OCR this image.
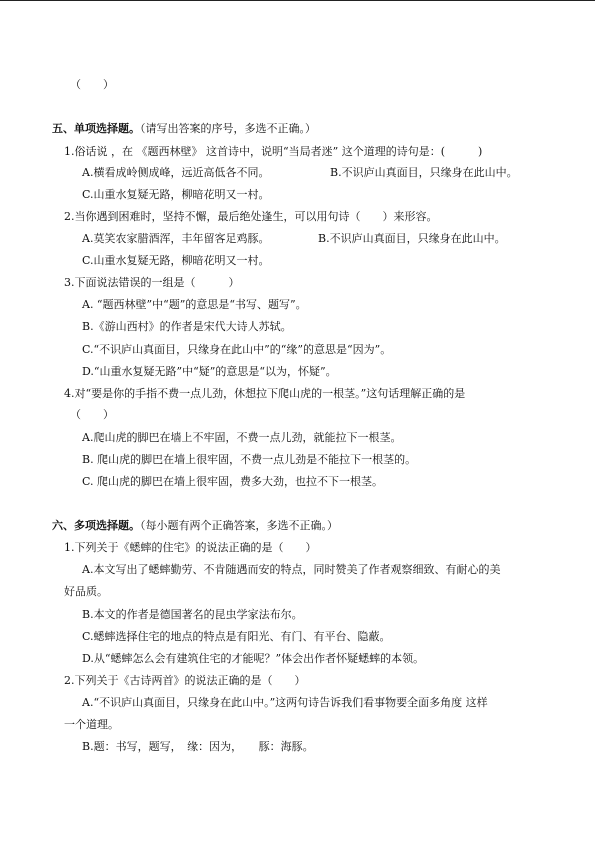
（　　）
五、单项选择题。（请写出答案的序号，多选不正确。）
1.俗话说 ，在 《题西林壁》 这首诗中，说明“当局者迷” 这个道理的诗句是：(　　　)
A.横看成岭侧成峰，远近高低各不同。	B.不识庐山真面目，只缘身在此山中。
C.山重水复疑无路，柳暗花明又一村。
2.当你遇到困难时，坚持不懈，最后绝处逢生，可以用句诗（　　）来形容。
A.莫笑农家腊酒浑，丰年留客足鸡豚。	B.不识庐山真面目，只缘身在此山中。
C.山重水复疑无路，柳暗花明又一村。
3.下面说法错误的一组是（　　　）
A. “题西林壁”中“题”的意思是“书写、题写”。
B.《游山西村》的作者是宋代大诗人苏轼。
C.“不识庐山真面目，只缘身在此山中”的“缘”的意思是“因为”。
D.“山重水复疑无路”中“疑”的意思是“以为，怀疑”。
4.对“要是你的手指不费一点儿劲，休想拉下爬山虎的一根茎。”这句话理解正确的是
（　　）
A.爬山虎的脚巴在墙上不牢固，不费一点儿劲，就能拉下一根茎。
B. 爬山虎的脚巴在墙上很牢固，不费一点儿劲是不能拉下一根茎的。
C. 爬山虎的脚巴在墙上很牢固，费多大劲，也拉不下一根茎。
六、多项选择题。（每小题有两个正确答案，多选不正确。）
1.下列关于《蟋蟀的住宅》的说法正确的是（　　）
A.本文写出了蟋蟀勤劳、不肯随遇而安的特点，同时赞美了作者观察细致、有耐心的美
好品质。
B.本文的作者是德国著名的昆虫学家法布尔。
C.蟋蟀选择住宅的地点的特点是有阳光、有门、有平台、隐蔽。
D.从“蟋蟀怎么会有建筑住宅的才能呢？”体会出作者怀疑蟋蟀的本领。
2.下列关于《古诗两首》的说法正确的是（　　）
A.“不识庐山真面目，只缘身在此山中。”这两句诗告诉我们看事物要全面多角度 这样
一个道理。
B.题：书写，题写，　缘：因为，　　豚：海豚。
